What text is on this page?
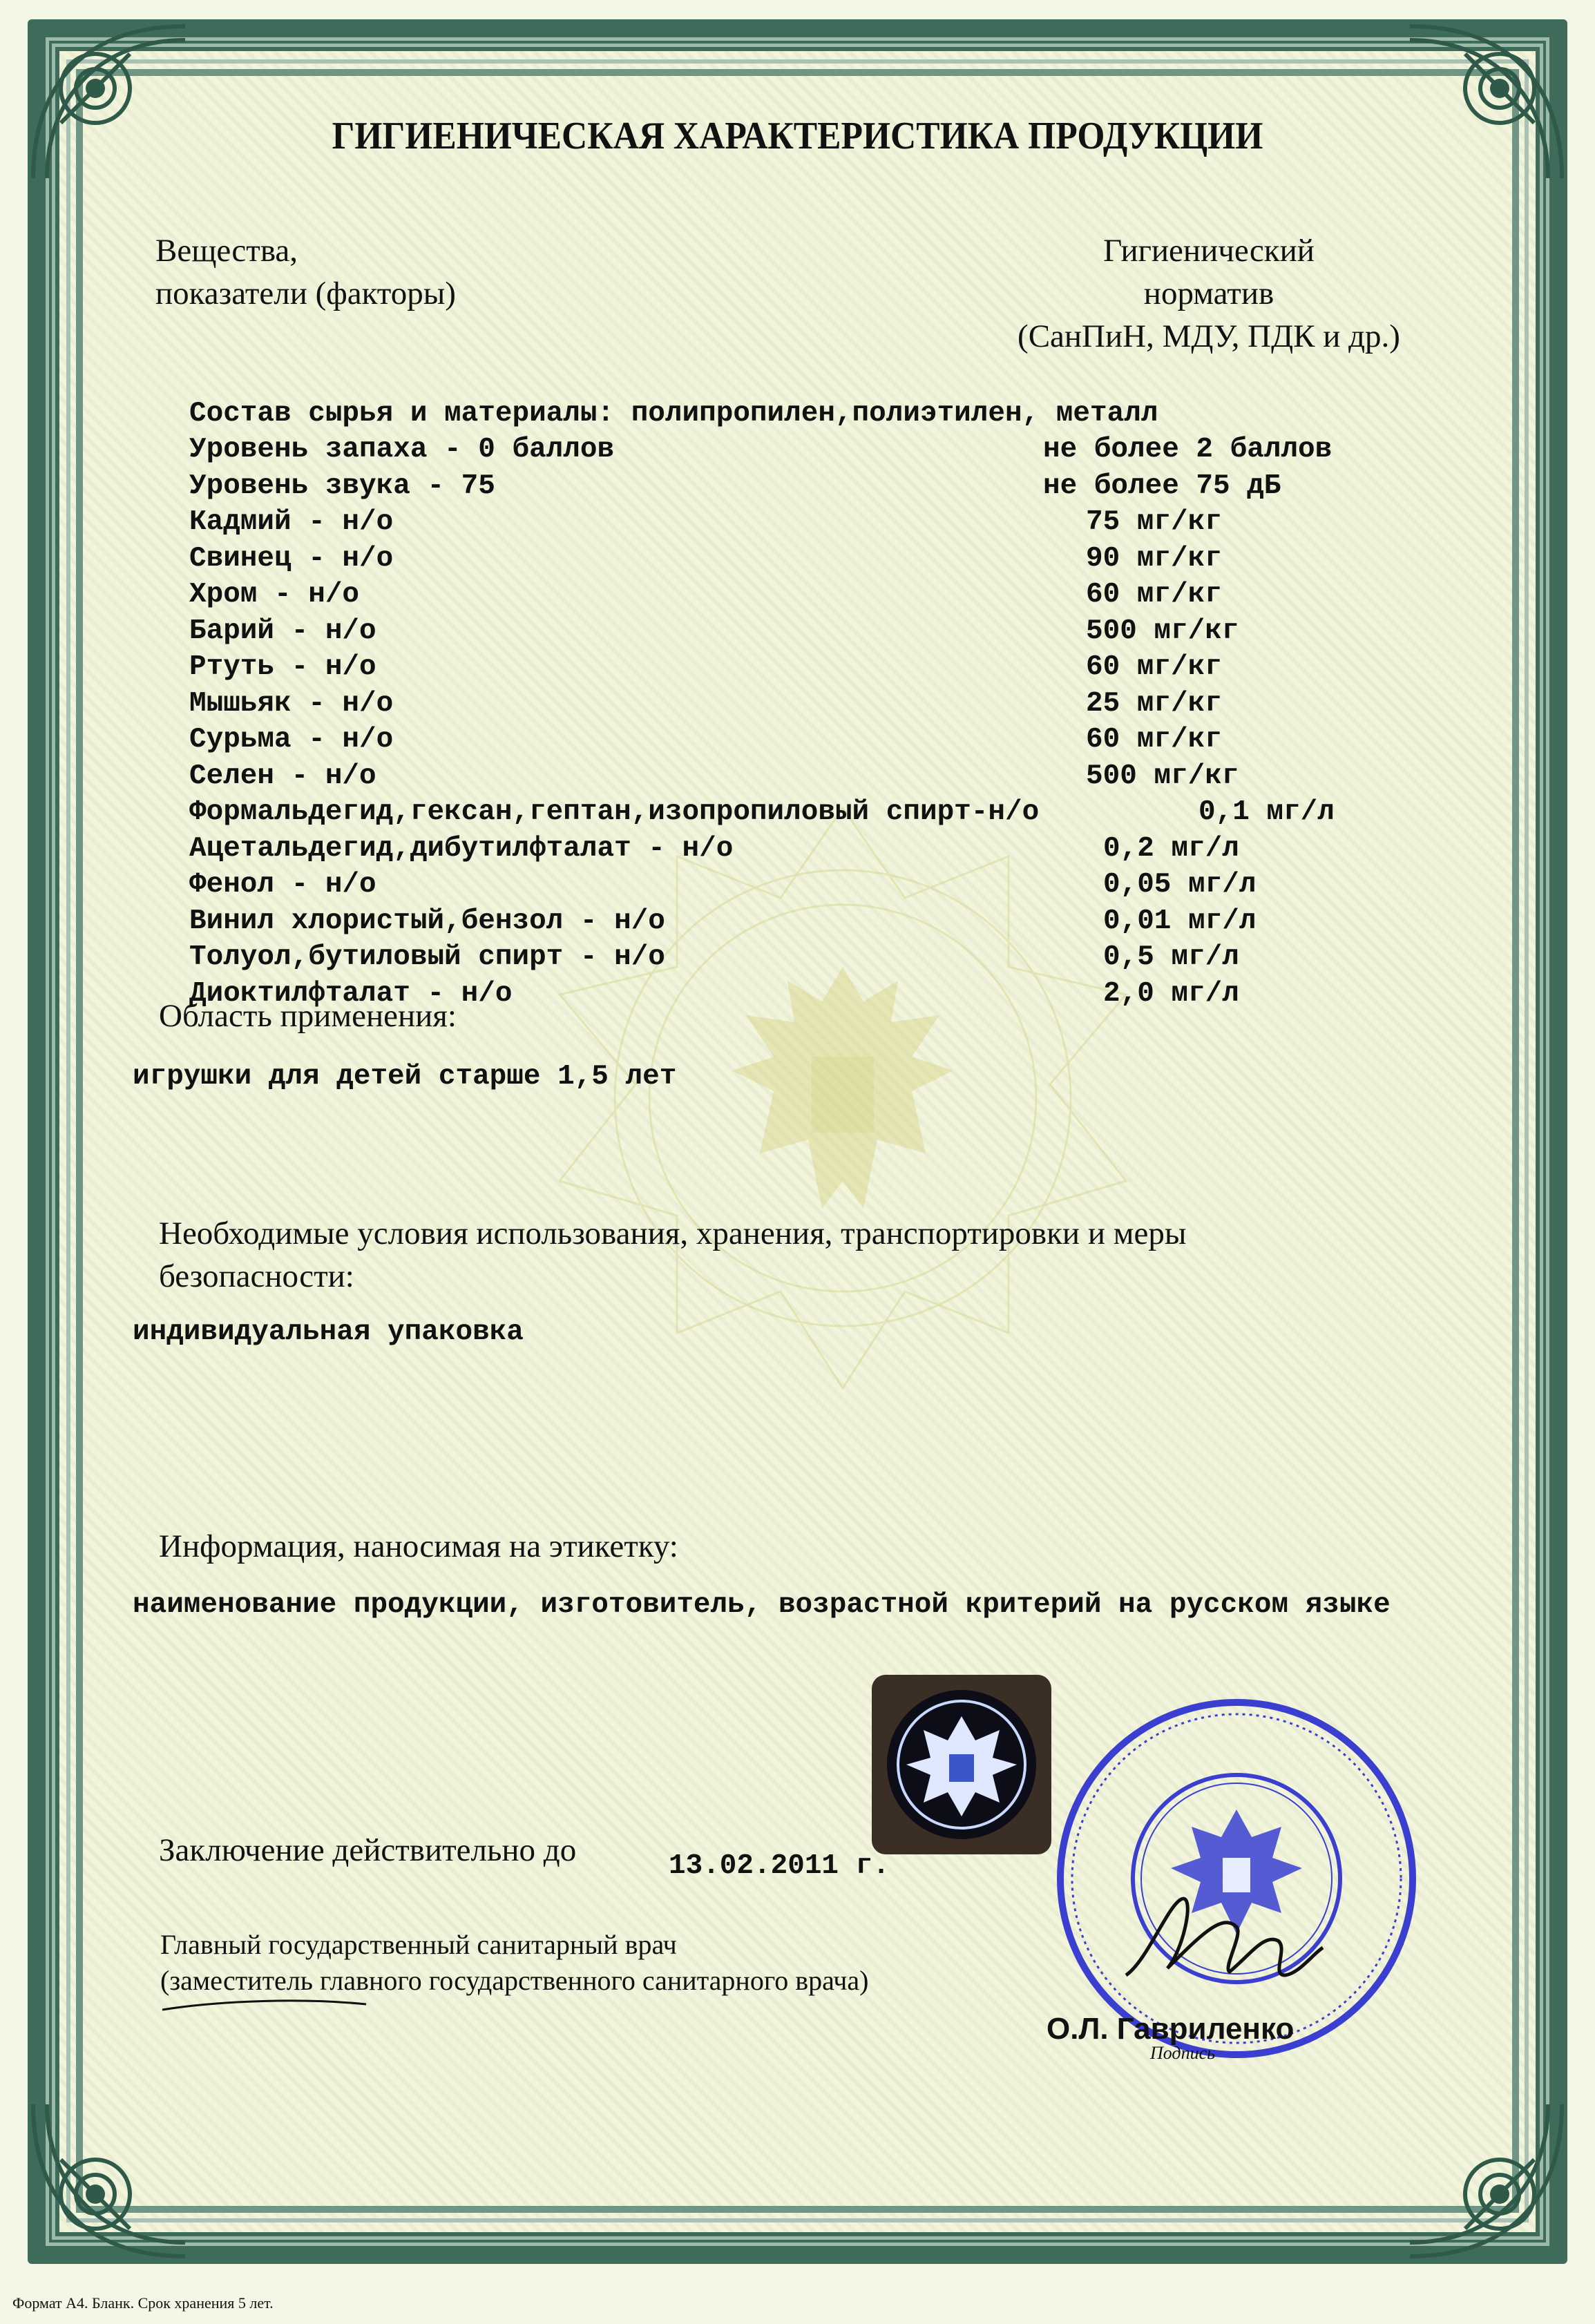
ГИГИЕНИЧЕСКАЯ ХАРАКТЕРИСТИКА ПРОДУКЦИИ
Вещества,
показатели (факторы)
Гигиенический
норматив
(СанПиН, МДУ, ПДК и др.)

Состав сырья и материалы: полипропилен,полиэтилен, металл

Уровень запаха - 0 баллов	не более 2 баллов

Уровень звука - 75	не более 75 дБ

Кадмий - н/о	75 мг/кг

Свинец - н/о	90 мг/кг

Хром - н/о	60 мг/кг

Барий - н/о	500 мг/кг

Ртуть - н/о	60 мг/кг

Мышьяк - н/о	25 мг/кг

Сурьма - н/о	60 мг/кг

Селен - н/о	500 мг/кг

Формальдегид,гексан,гептан,изопропиловый спирт-н/о	0,1 мг/л

Ацетальдегид,дибутилфталат - н/о	0,2 мг/л

Фенол - н/о	0,05 мг/л

Винил хлористый,бензол - н/о	0,01 мг/л

Толуол,бутиловый спирт - н/о	0,5 мг/л

Диоктилфталат - н/о	2,0 мг/л

Область применения:
игрушки для детей старше 1,5 лет
Необходимые условия использования, хранения, транспортировки и меры
безопасности:
индивидуальная упаковка
Информация, наносимая на этикетку:
наименование продукции, изготовитель, возрастной критерий на русском языке
Заключение действительно до	13.02.2011 г.
Главный государственный санитарный врач
(заместитель главного государственного санитарного врача)
О.Л. Гавриленко
Подпись
Формат А4. Бланк. Срок хранения 5 лет.
